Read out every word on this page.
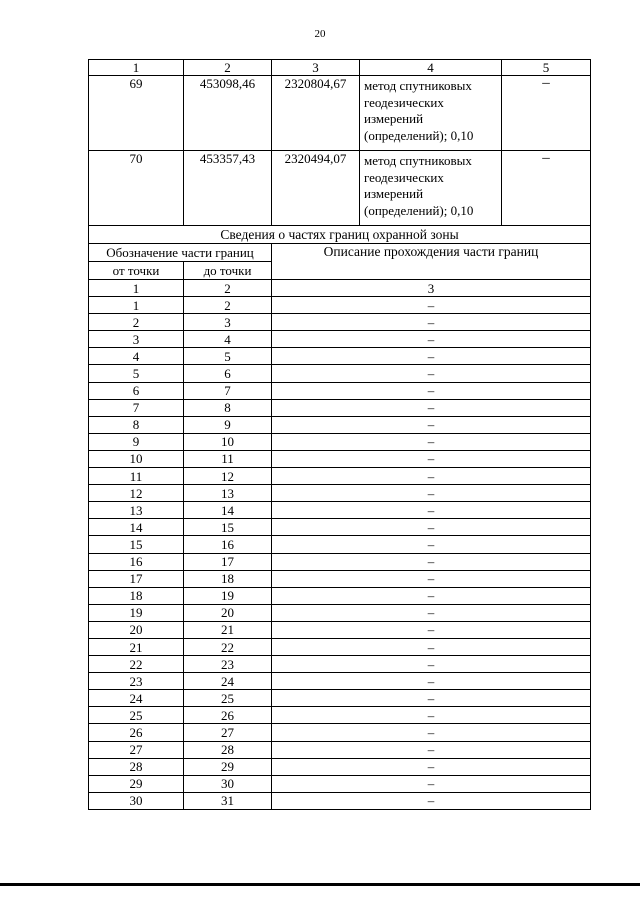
20
1	2	3	4	5
69	453098,46	2320804,67	метод спутниковых геодезических измерений (определений); 0,10	–
70	453357,43	2320494,07	метод спутниковых геодезических измерений (определений); 0,10	–
Сведения о частях границ охранной зоны				
Обозначение части границ		Описание прохождения части границ		
от точки	до точки			
1	2	3		
1	2	–		
2	3	–		
3	4	–		
4	5	–		
5	6	–		
6	7	–		
7	8	–		
8	9	–		
9	10	–		
10	11	–		
11	12	–		
12	13	–		
13	14	–		
14	15	–		
15	16	–		
16	17	–		
17	18	–		
18	19	–		
19	20	–		
20	21	–		
21	22	–		
22	23	–		
23	24	–		
24	25	–		
25	26	–		
26	27	–		
27	28	–		
28	29	–		
29	30	–		
30	31	–		
